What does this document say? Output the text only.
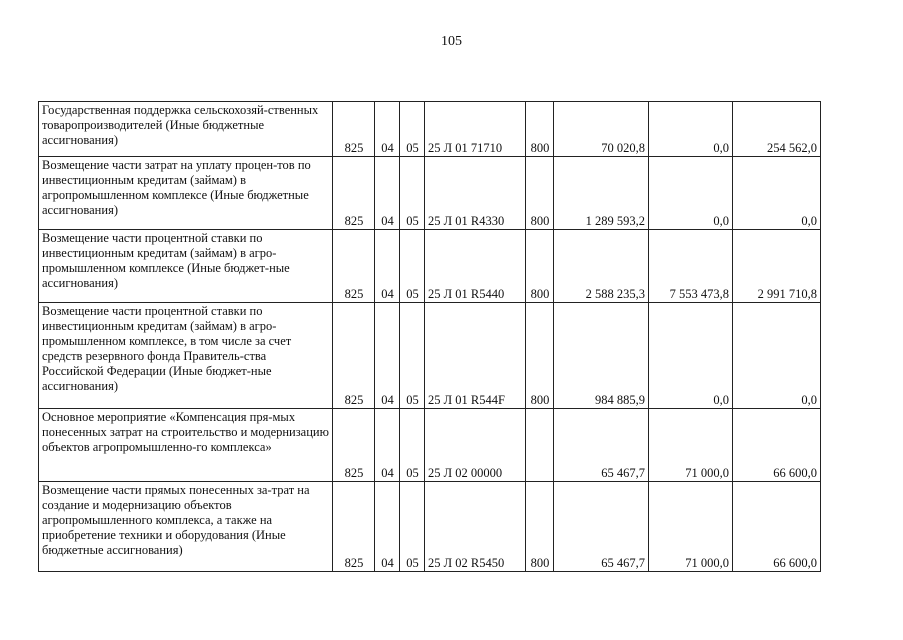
105
Государственная поддержка сельскохозяй-ственных товаропроизводителей (Иные бюджетные ассигнования)	825	04	05	25 Л 01 71710	800	70 020,8	0,0	254 562,0
Возмещение части затрат на уплату процен-тов по инвестиционным кредитам (займам) в агропромышленном комплексе (Иные бюджетные ассигнования)	825	04	05	25 Л 01 R4330	800	1 289 593,2	0,0	0,0
Возмещение части процентной ставки по инвестиционным кредитам (займам) в агро-промышленном комплексе (Иные бюджет-ные ассигнования)	825	04	05	25 Л 01 R5440	800	2 588 235,3	7 553 473,8	2 991 710,8
Возмещение части процентной ставки по инвестиционным кредитам (займам) в агро-промышленном комплексе, в том числе за счет средств резервного фонда Правитель-ства Российской Федерации (Иные бюджет-ные ассигнования)	825	04	05	25 Л 01 R544F	800	984 885,9	0,0	0,0
Основное мероприятие «Компенсация пря-мых понесенных затрат на строительство и модернизацию объектов агропромышленно-го комплекса»	825	04	05	25 Л 02 00000		65 467,7	71 000,0	66 600,0
Возмещение части прямых понесенных за-трат на создание и модернизацию объектов агропромышленного комплекса, а также на приобретение техники и оборудования (Иные бюджетные ассигнования)	825	04	05	25 Л 02 R5450	800	65 467,7	71 000,0	66 600,0
